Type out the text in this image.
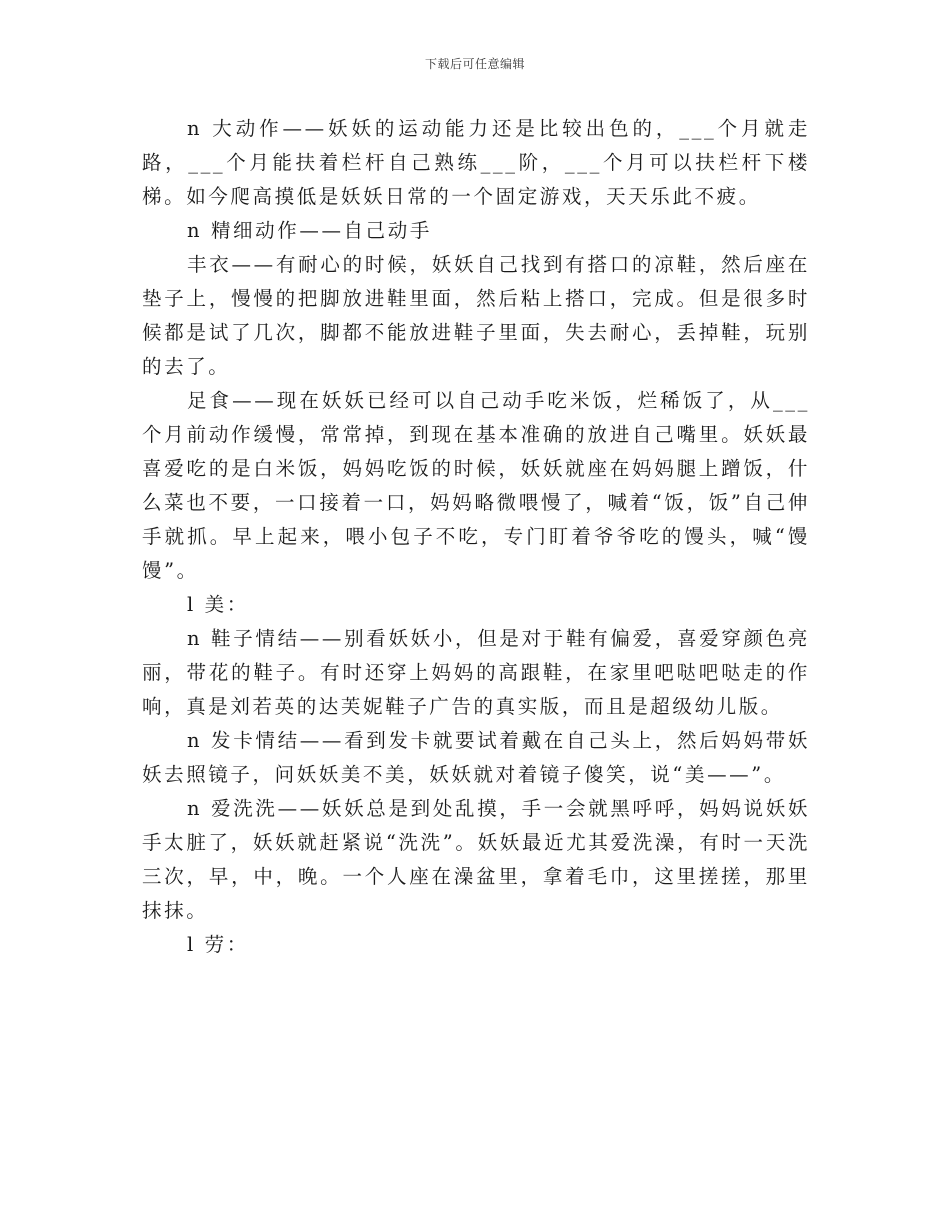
下载后可任意编辑

n 大动作——妖妖的运动能力还是比较出色的，___个月就走路，___个月能扶着栏杆自己熟练___阶，___个月可以扶栏杆下楼梯。如今爬高摸低是妖妖日常的一个固定游戏，天天乐此不疲。

n 精细动作——自己动手

丰衣——有耐心的时候，妖妖自己找到有搭口的凉鞋，然后座在垫子上，慢慢的把脚放进鞋里面，然后粘上搭口，完成。但是很多时候都是试了几次，脚都不能放进鞋子里面，失去耐心，丢掉鞋，玩别的去了。

足食——现在妖妖已经可以自己动手吃米饭，烂稀饭了，从___个月前动作缓慢，常常掉，到现在基本准确的放进自己嘴里。妖妖最喜爱吃的是白米饭，妈妈吃饭的时候，妖妖就座在妈妈腿上蹭饭，什么菜也不要，一口接着一口，妈妈略微喂慢了，喊着“饭，饭”自己伸手就抓。早上起来，喂小包子不吃，专门盯着爷爷吃的馒头，喊“馒馒”。

l 美：

n 鞋子情结——别看妖妖小，但是对于鞋有偏爱，喜爱穿颜色亮丽，带花的鞋子。有时还穿上妈妈的高跟鞋，在家里吧哒吧哒走的作响，真是刘若英的达芙妮鞋子广告的真实版，而且是超级幼儿版。

n 发卡情结——看到发卡就要试着戴在自己头上，然后妈妈带妖妖去照镜子，问妖妖美不美，妖妖就对着镜子傻笑，说“美——”。

n 爱洗洗——妖妖总是到处乱摸，手一会就黑呼呼，妈妈说妖妖手太脏了，妖妖就赶紧说“洗洗”。妖妖最近尤其爱洗澡，有时一天洗三次，早，中，晚。一个人座在澡盆里，拿着毛巾，这里搓搓，那里抹抹。

l 劳：
